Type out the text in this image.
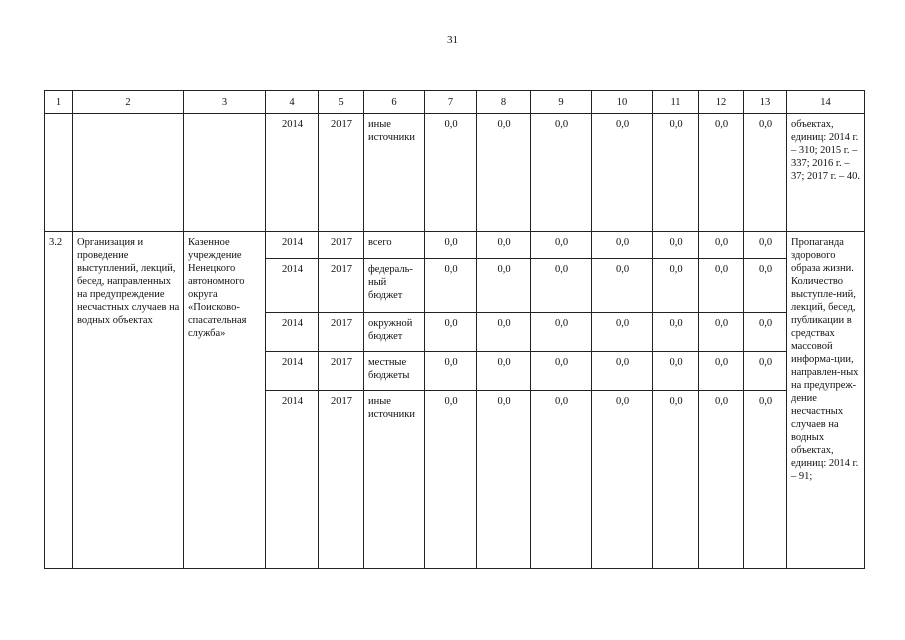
31
1	2	3	4	5	6	7	8	9	10	11	12	13	14
			2014	2017	иные источники	0,0	0,0	0,0	0,0	0,0	0,0	0,0	объектах, единиц: 2014 г. – 310; 2015 г. – 337; 2016 г. – 37; 2017 г. – 40.
3.2	Организация и проведение выступлений, лекций, бесед, направленных на предупреждение несчастных случаев на водных объектах	Казенное учреждение Ненецкого автономного округа «Поисково-спасательная служба»	2014	2017	всего	0,0	0,0	0,0	0,0	0,0	0,0	0,0	Пропаганда здорового образа жизни. Количество выступле-ний, лекций, бесед, публикации в средствах массовой информа-ции, направлен-ных на предупреж-дение несчастных случаев на водных объектах, единиц: 2014 г. – 91;
			2014	2017	федераль-ный бюджет	0,0	0,0	0,0	0,0	0,0	0,0	0,0	
			2014	2017	окружной бюджет	0,0	0,0	0,0	0,0	0,0	0,0	0,0	
			2014	2017	местные бюджеты	0,0	0,0	0,0	0,0	0,0	0,0	0,0	
			2014	2017	иные источники	0,0	0,0	0,0	0,0	0,0	0,0	0,0	
